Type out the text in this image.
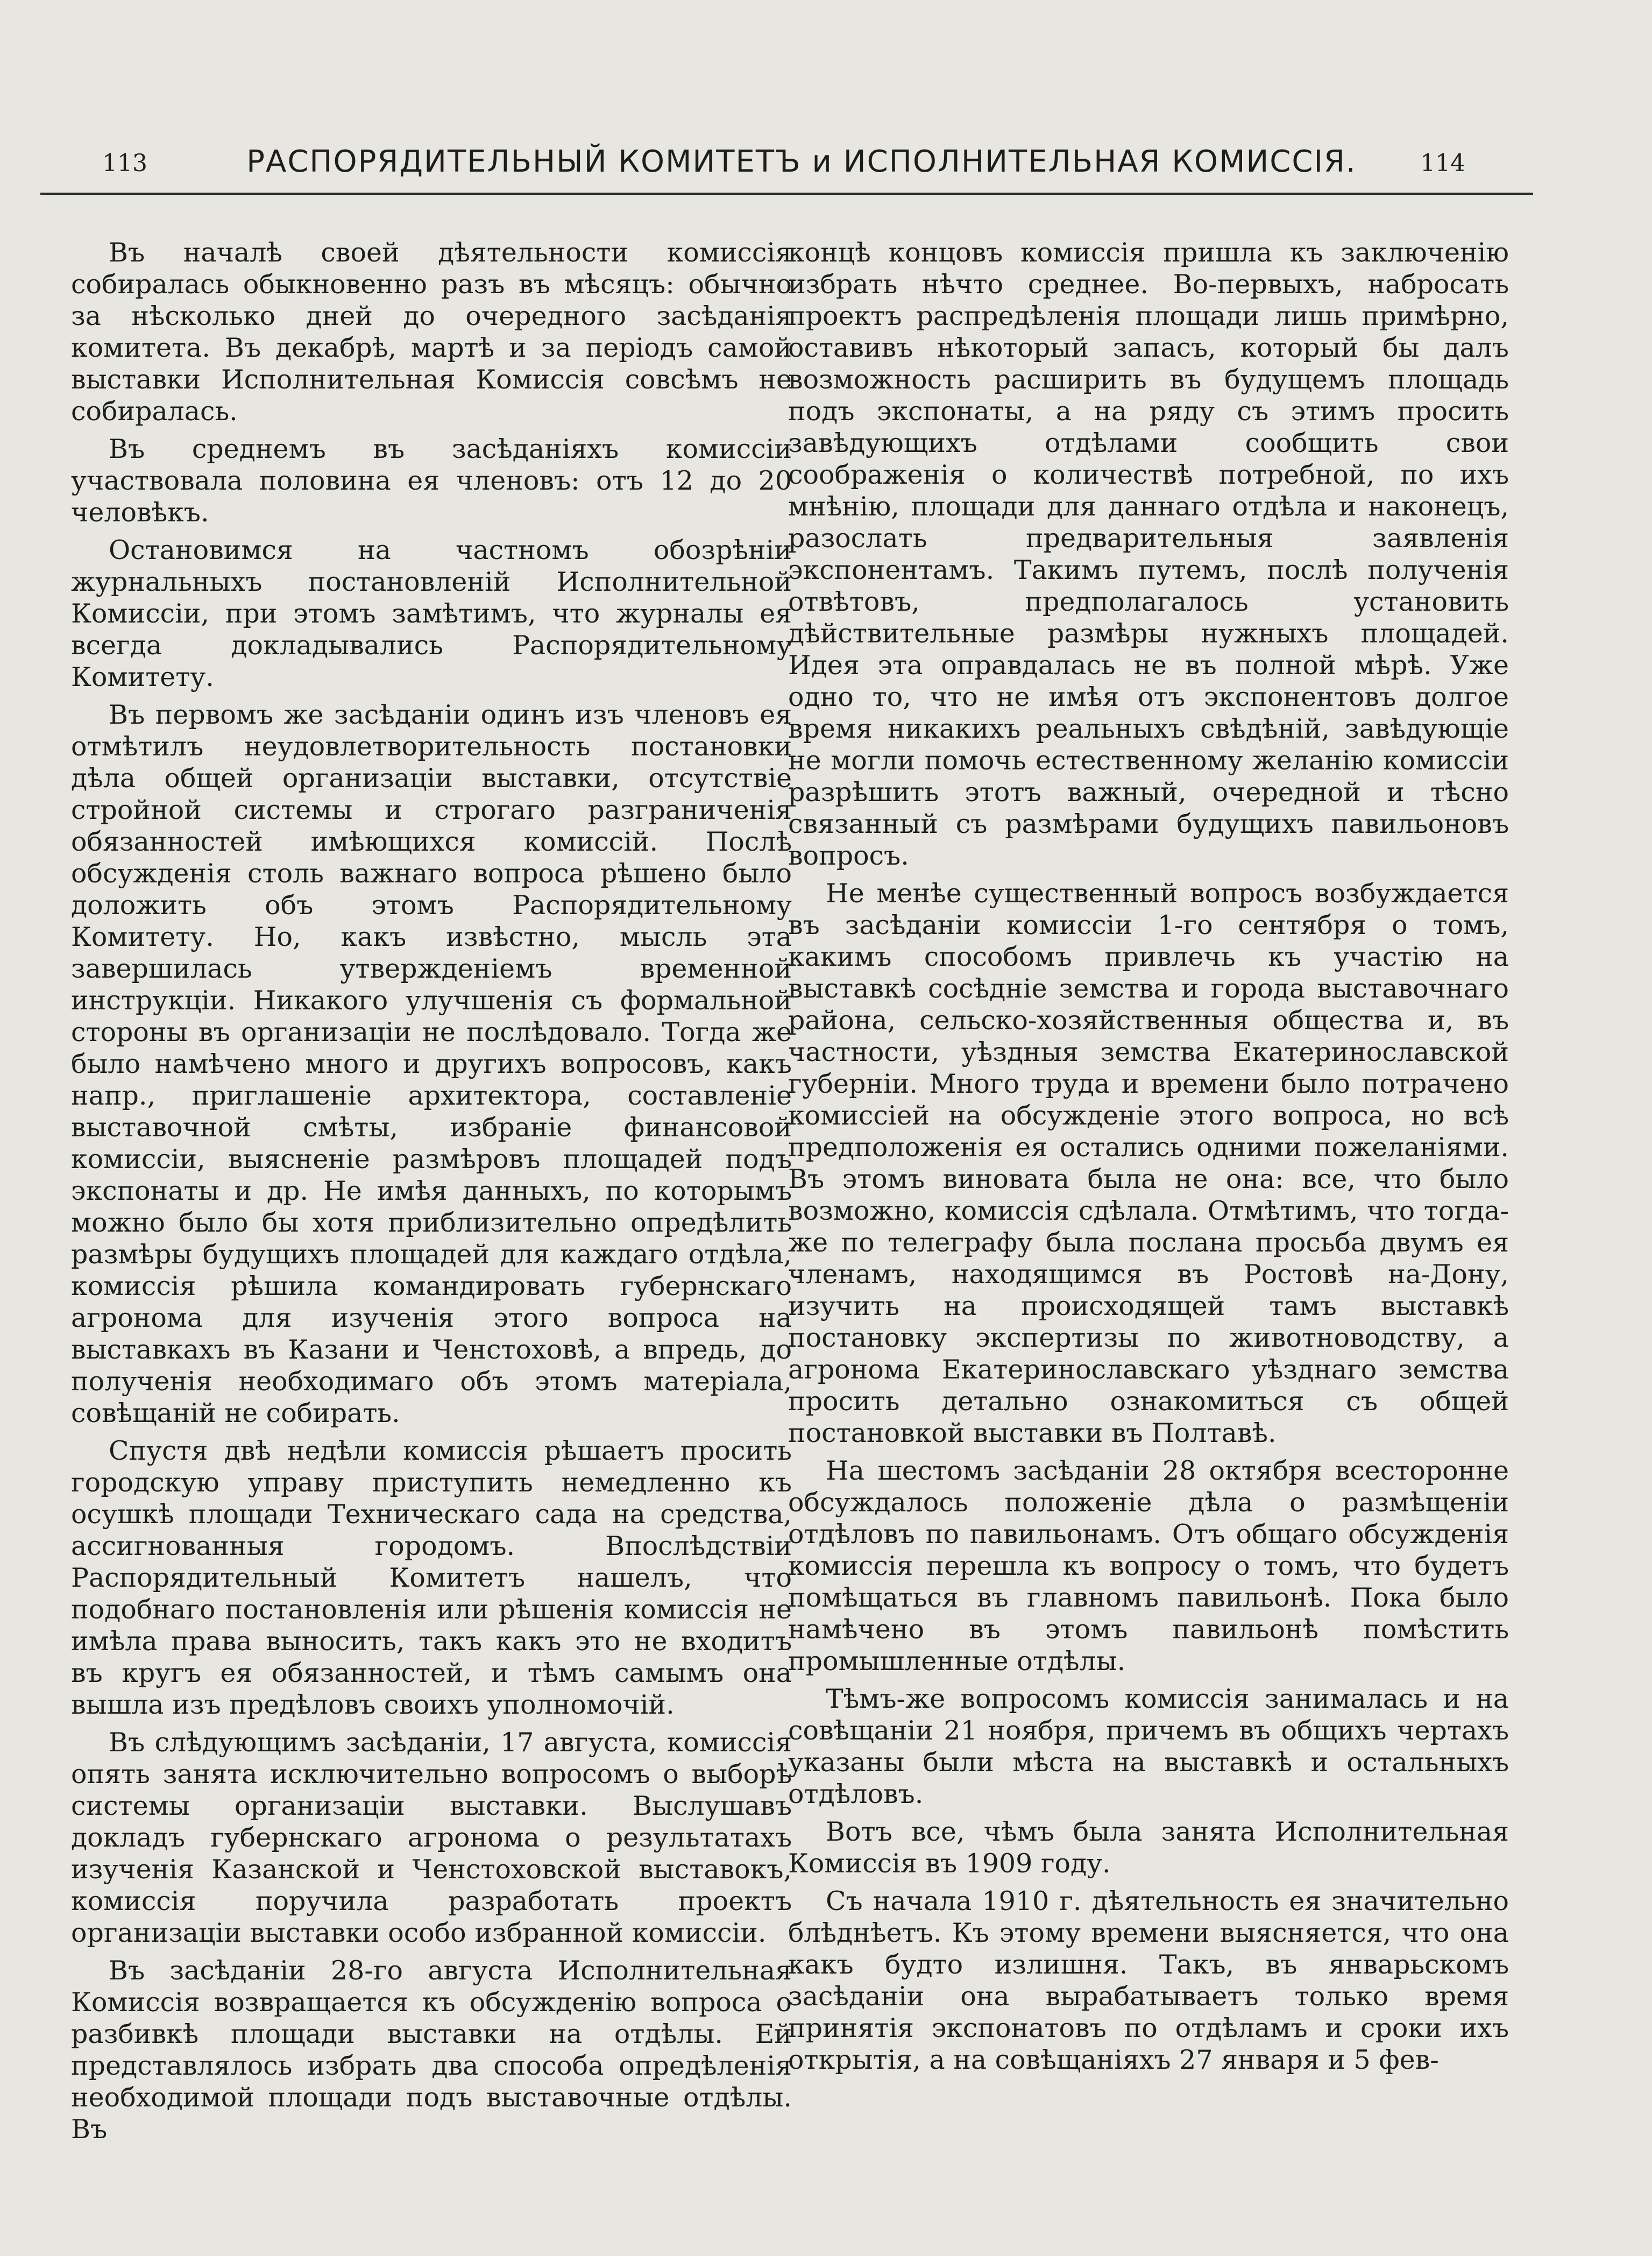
113	РАСПОРЯДИТЕЛЬНЫЙ КОМИТЕТЪ и ИСПОЛНИТЕЛЬНАЯ КОМИССІЯ.	114

Въ началѣ своей дѣятельности комиссія собиралась обыкновенно разъ въ мѣсяцъ: обычно за нѣсколько дней до очередного засѣданія комитета. Въ декабрѣ, мартѣ и за періодъ самой выставки Исполнительная Комиссія совсѣмъ не собиралась.

Въ среднемъ въ засѣданіяхъ комиссіи участвовала половина ея членовъ: отъ 12 до 20 человѣкъ.

Остановимся на частномъ обозрѣніи журнальныхъ постановленій Исполнительной Комиссіи, при этомъ замѣтимъ, что журналы ея всегда докладывались Распорядительному Комитету.

Въ первомъ же засѣданіи одинъ изъ членовъ ея отмѣтилъ неудовлетворительность постановки дѣла общей организаціи выставки, отсутствіе стройной системы и строгаго разграниченія обязанностей имѣющихся комиссій. Послѣ обсужденія столь важнаго вопроса рѣшено было доложить объ этомъ Распорядительному Комитету. Но, какъ извѣстно, мысль эта завершилась утвержденіемъ временной инструкціи. Никакого улучшенія съ формальной стороны въ организаціи не послѣдовало. Тогда же было намѣчено много и другихъ вопросовъ, какъ напр., приглашеніе архитектора, составленіе выставочной смѣты, избраніе финансовой комиссіи, выясненіе размѣровъ площадей подъ экспонаты и др. Не имѣя данныхъ, по которымъ можно было бы хотя приблизительно опредѣлить размѣры будущихъ площадей для каждаго отдѣла, комиссія рѣшила командировать губернскаго агронома для изученія этого вопроса на выставкахъ въ Казани и Ченстоховѣ, а впредь, до полученія необходимаго объ этомъ матеріала, совѣщаній не собирать.

Спустя двѣ недѣли комиссія рѣшаетъ просить городскую управу приступить немедленно къ осушкѣ площади Техническаго сада на средства, ассигнованныя городомъ. Впослѣдствіи Распорядительный Комитетъ нашелъ, что подобнаго постановленія или рѣшенія комиссія не имѣла права выносить, такъ какъ это не входитъ въ кругъ ея обязанностей, и тѣмъ самымъ она вышла изъ предѣловъ своихъ уполномочій.

Въ слѣдующимъ засѣданіи, 17 августа, комиссія опять занята исключительно вопросомъ о выборѣ системы организаціи выставки. Выслушавъ докладъ губернскаго агронома о результатахъ изученія Казанской и Ченстоховской выставокъ, комиссія поручила разработать проектъ организаціи выставки особо избранной комиссіи.

Въ засѣданіи 28-го августа Исполнительная Комиссія возвращается къ обсужденію вопроса о разбивкѣ площади выставки на отдѣлы. Ей представлялось избрать два способа опредѣленія необходимой площади подъ выставочные отдѣлы. Въ

концѣ концовъ комиссія пришла къ заключенію избрать нѣчто среднее. Во-первыхъ, набросать проектъ распредѣленія площади лишь примѣрно, оставивъ нѣкоторый запасъ, который бы далъ возможность расширить въ будущемъ площадь подъ экспонаты, а на ряду съ этимъ просить завѣдующихъ отдѣлами сообщить свои соображенія о количествѣ потребной, по ихъ мнѣнію, площади для даннаго отдѣла и наконецъ, разослать предварительныя заявленія экспонентамъ. Такимъ путемъ, послѣ полученія отвѣтовъ, предполагалось установить дѣйствительные размѣры нужныхъ площадей. Идея эта оправдалась не въ полной мѣрѣ. Уже одно то, что не имѣя отъ экспонентовъ долгое время никакихъ реальныхъ свѣдѣній, завѣдующіе не могли помочь естественному желанію комиссіи разрѣшить этотъ важный, очередной и тѣсно связанный съ размѣрами будущихъ павильоновъ вопросъ.

Не менѣе существенный вопросъ возбуждается въ засѣданіи комиссіи 1-го сентября о томъ, какимъ способомъ привлечь къ участію на выставкѣ сосѣдніе земства и города выставочнаго района, сельско-хозяйственныя общества и, въ частности, уѣздныя земства Екатеринославской губерніи. Много труда и времени было потрачено комиссіей на обсужденіе этого вопроса, но всѣ предположенія ея остались одними пожеланіями. Въ этомъ виновата была не она: все, что было возможно, комиссія сдѣлала. Отмѣтимъ, что тогда-же по телеграфу была послана просьба двумъ ея членамъ, находящимся въ Ростовѣ на-Дону, изучить на происходящей тамъ выставкѣ постановку экспертизы по животноводству, а агронома Екатеринославскаго уѣзднаго земства просить детально ознакомиться съ общей постановкой выставки въ Полтавѣ.

На шестомъ засѣданіи 28 октября всесторонне обсуждалось положеніе дѣла о размѣщеніи отдѣловъ по павильонамъ. Отъ общаго обсужденія комиссія перешла къ вопросу о томъ, что будетъ помѣщаться въ главномъ павильонѣ. Пока было намѣчено въ этомъ павильонѣ помѣстить промышленные отдѣлы.

Тѣмъ-же вопросомъ комиссія занималась и на совѣщаніи 21 ноября, причемъ въ общихъ чертахъ указаны были мѣста на выставкѣ и остальныхъ отдѣловъ.

Вотъ все, чѣмъ была занята Исполнительная Комиссія въ 1909 году.

Съ начала 1910 г. дѣятельность ея значительно блѣднѣетъ. Къ этому времени выясняется, что она какъ будто излишня. Такъ, въ январьскомъ засѣданіи она вырабатываетъ только время принятія экспонатовъ по отдѣламъ и сроки ихъ открытія, а на совѣщаніяхъ 27 января и 5 фев-
